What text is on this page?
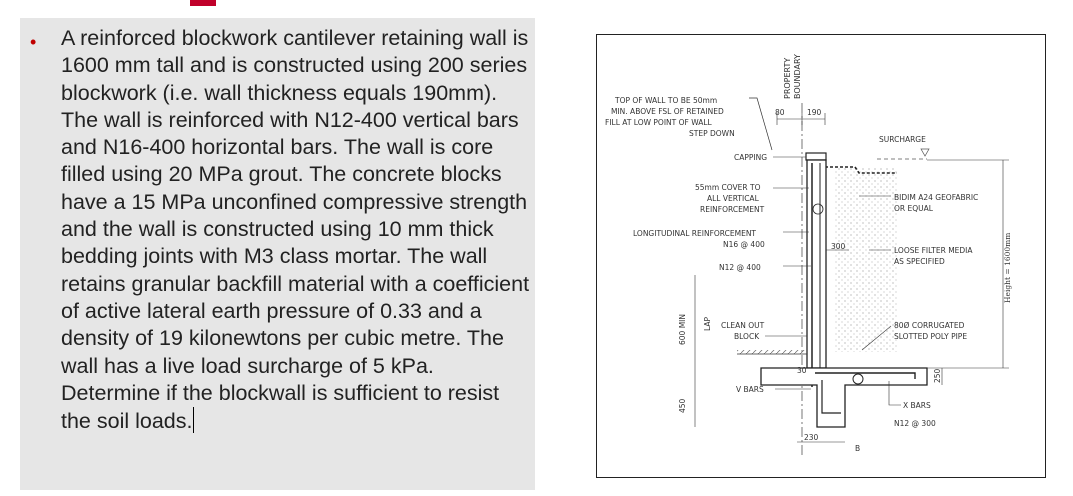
• A reinforced blockwork cantilever retaining wall is 1600 mm tall and is constructed using 200 series blockwork (i.e. wall thickness equals 190mm). The wall is reinforced with N12-400 vertical bars and N16-400 horizontal bars. The wall is core filled using 20 MPa grout. The concrete blocks have a 15 MPa unconfined compressive strength and the wall is constructed using 10 mm thick bedding joints with M3 class mortar. The wall retains granular backfill material with a coefficient of active lateral earth pressure of 0.33 and a density of 19 kilonewtons per cubic metre. The wall has a live load surcharge of 5 kPa. Determine if the blockwall is sufficient to resist the soil loads.
PROPERTY BOUNDARY
TOP OF WALL TO BE 50mm
MIN. ABOVE FSL OF RETAINED
FILL AT LOW POINT OF WALL
STEP DOWN
80	190
CAPPING
SURCHARGE
55mm COVER TO
ALL VERTICAL
REINFORCEMENT
BIDIM A24 GEOFABRIC
OR EQUAL
LONGITUDINAL REINFORCEMENT
N16 @ 400
N12 @ 400
300	LOOSE FILTER MEDIA
AS SPECIFIED	Height = 1600mm
600 MIN LAP CLEAN OUT
BLOCK
80Ø CORRUGATED
SLOTTED POLY PIPE
30
450
V BARS
250
X BARS
N12 @ 300
230
B
